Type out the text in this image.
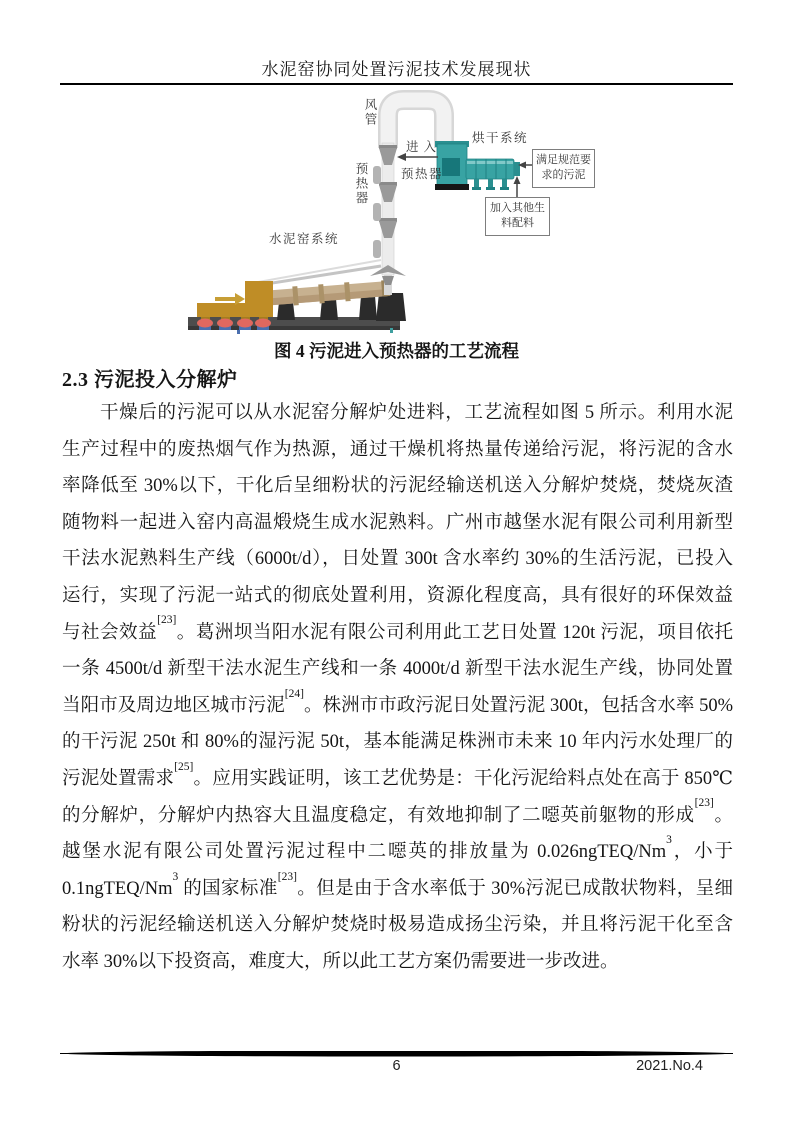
水泥窑协同处置污泥技术发展现状
风管
预热器
进入
预热器
烘干系统
水泥窑系统
满足规范要求的污泥
加入其他生料配料
图 4 污泥进入预热器的工艺流程
2.3 污泥投入分解炉
干燥后的污泥可以从水泥窑分解炉处进料，工艺流程如图 5 所示。利用水泥
生产过程中的废热烟气作为热源，通过干燥机将热量传递给污泥，将污泥的含水
率降低至 30%以下，干化后呈细粉状的污泥经输送机送入分解炉焚烧，焚烧灰渣
随物料一起进入窑内高温煅烧生成水泥熟料。广州市越堡水泥有限公司利用新型
干法水泥熟料生产线（6000t/d），日处置 300t 含水率约 30%的生活污泥，已投入
运行，实现了污泥一站式的彻底处置利用，资源化程度高，具有很好的环保效益
与社会效益[23]。葛洲坝当阳水泥有限公司利用此工艺日处置 120t 污泥，项目依托
一条 4500t/d 新型干法水泥生产线和一条 4000t/d 新型干法水泥生产线，协同处置
当阳市及周边地区城市污泥[24]。株洲市市政污泥日处置污泥 300t，包括含水率 50%
的干污泥 250t 和 80%的湿污泥 50t，基本能满足株洲市未来 10 年内污水处理厂的
污泥处置需求[25]。应用实践证明，该工艺优势是：干化污泥给料点处在高于 850℃
的分解炉，分解炉内热容大且温度稳定，有效地抑制了二噁英前躯物的形成[23]。
越堡水泥有限公司处置污泥过程中二噁英的排放量为 0.026ngTEQ/Nm$^3$，小于
0.1ngTEQ/Nm$^3$ 的国家标准[23]。但是由于含水率低于 30%污泥已成散状物料，呈细
粉状的污泥经输送机送入分解炉焚烧时极易造成扬尘污染，并且将污泥干化至含
水率 30%以下投资高，难度大，所以此工艺方案仍需要进一步改进。
6	2021.No.4
